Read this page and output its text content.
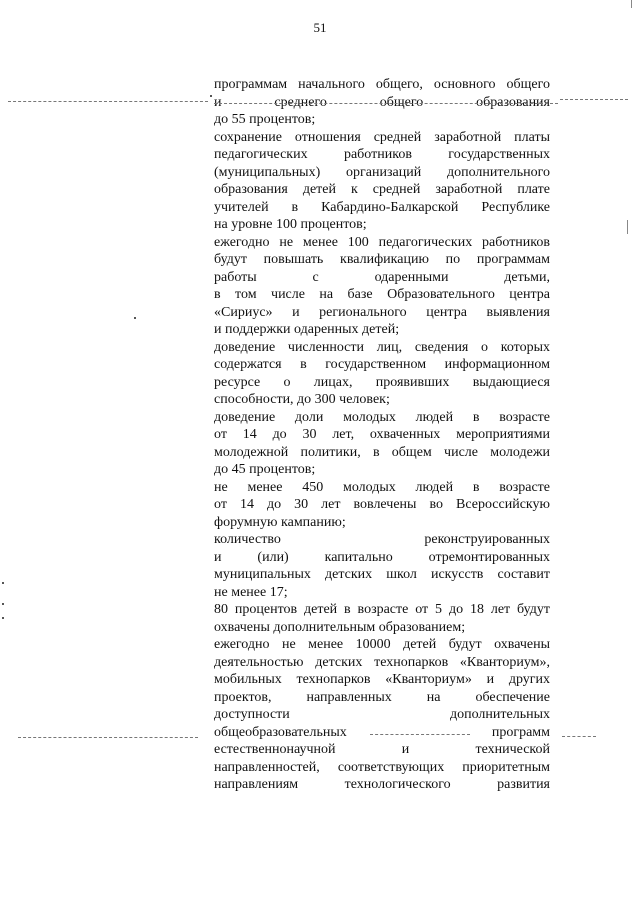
51
программам начального общего, основного общего
и среднего общего образования
до 55 процентов;
сохранение отношения средней заработной платы
педагогических работников государственных
(муниципальных) организаций дополнительного
образования детей к средней заработной плате
учителей в Кабардино-Балкарской Республике
на уровне 100 процентов;
ежегодно не менее 100 педагогических работников
будут повышать квалификацию по программам
работы с одаренными детьми,
в том числе на базе Образовательного центра
«Сириус» и регионального центра выявления
и поддержки одаренных детей;
доведение численности лиц, сведения о которых
содержатся в государственном информационном
ресурсе о лицах, проявивших выдающиеся
способности, до 300 человек;
доведение доли молодых людей в возрасте
от 14 до 30 лет, охваченных мероприятиями
молодежной политики, в общем числе молодежи
до 45 процентов;
не менее 450 молодых людей в возрасте
от 14 до 30 лет вовлечены во Всероссийскую
форумную кампанию;
количество реконструированных
и (или) капитально отремонтированных
муниципальных детских школ искусств составит
не менее 17;
80 процентов детей в возрасте от 5 до 18 лет будут
охвачены дополнительным образованием;
ежегодно не менее 10000 детей будут охвачены
деятельностью детских технопарков «Кванториум»,
мобильных технопарков «Кванториум» и других
проектов, направленных на обеспечение
доступности дополнительных
общеобразовательных программ
естественнонаучной и технической
направленностей, соответствующих приоритетным
направлениям технологического развития
